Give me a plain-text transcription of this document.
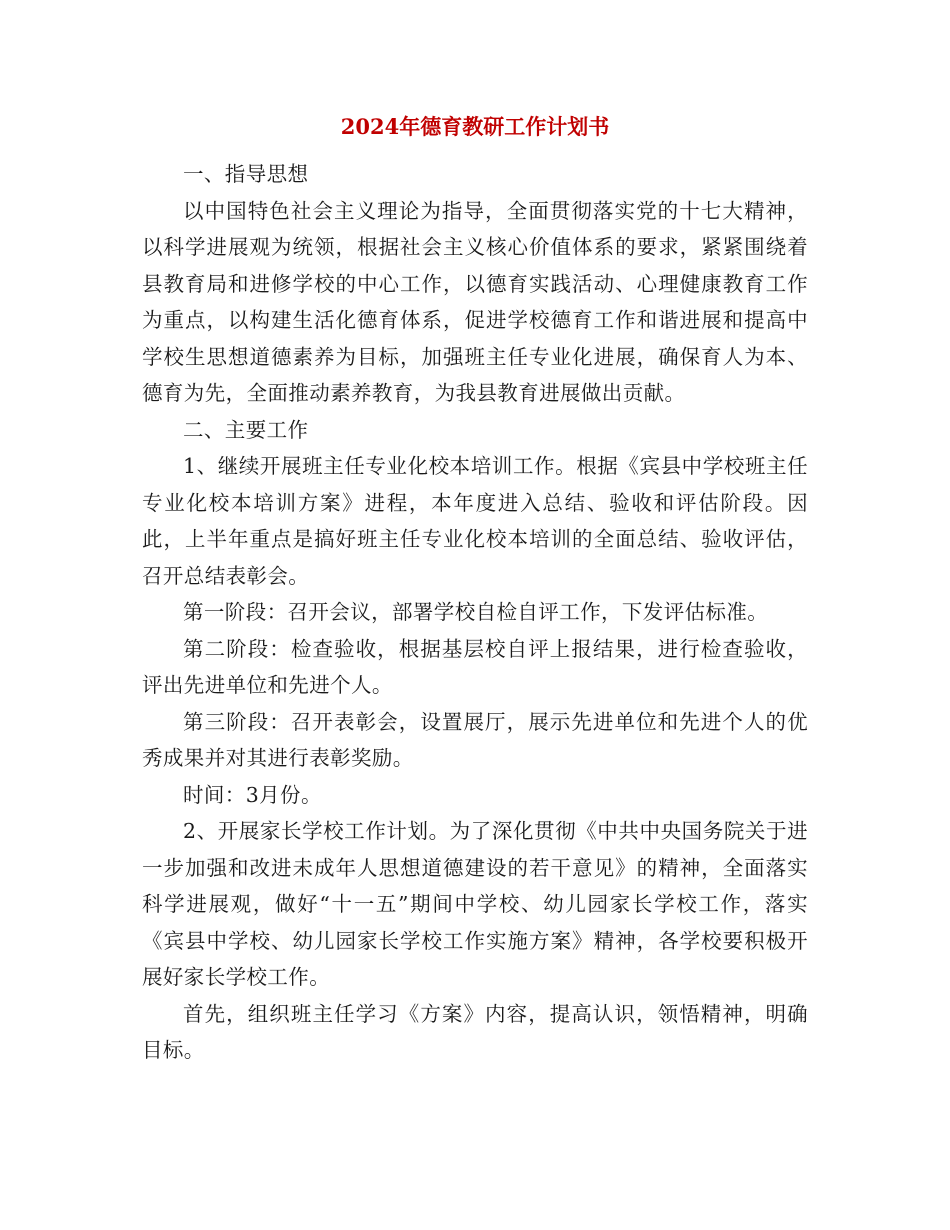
2024年德育教研工作计划书

一、指导思想

以中国特色社会主义理论为指导，全面贯彻落实党的十七大精神，以科学进展观为统领，根据社会主义核心价值体系的要求，紧紧围绕着县教育局和进修学校的中心工作，以德育实践活动、心理健康教育工作为重点，以构建生活化德育体系，促进学校德育工作和谐进展和提高中学校生思想道德素养为目标，加强班主任专业化进展，确保育人为本、德育为先，全面推动素养教育，为我县教育进展做出贡献。

二、主要工作

1、继续开展班主任专业化校本培训工作。根据《宾县中学校班主任专业化校本培训方案》进程，本年度进入总结、验收和评估阶段。因此，上半年重点是搞好班主任专业化校本培训的全面总结、验收评估，召开总结表彰会。

第一阶段：召开会议，部署学校自检自评工作，下发评估标准。

第二阶段：检查验收，根据基层校自评上报结果，进行检查验收，评出先进单位和先进个人。

第三阶段：召开表彰会，设置展厅，展示先进单位和先进个人的优秀成果并对其进行表彰奖励。

时间：3月份。

2、开展家长学校工作计划。为了深化贯彻《中共中央国务院关于进一步加强和改进未成年人思想道德建设的若干意见》的精神，全面落实科学进展观，做好“十一五”期间中学校、幼儿园家长学校工作，落实《宾县中学校、幼儿园家长学校工作实施方案》精神，各学校要积极开展好家长学校工作。

首先，组织班主任学习《方案》内容，提高认识，领悟精神，明确目标。
